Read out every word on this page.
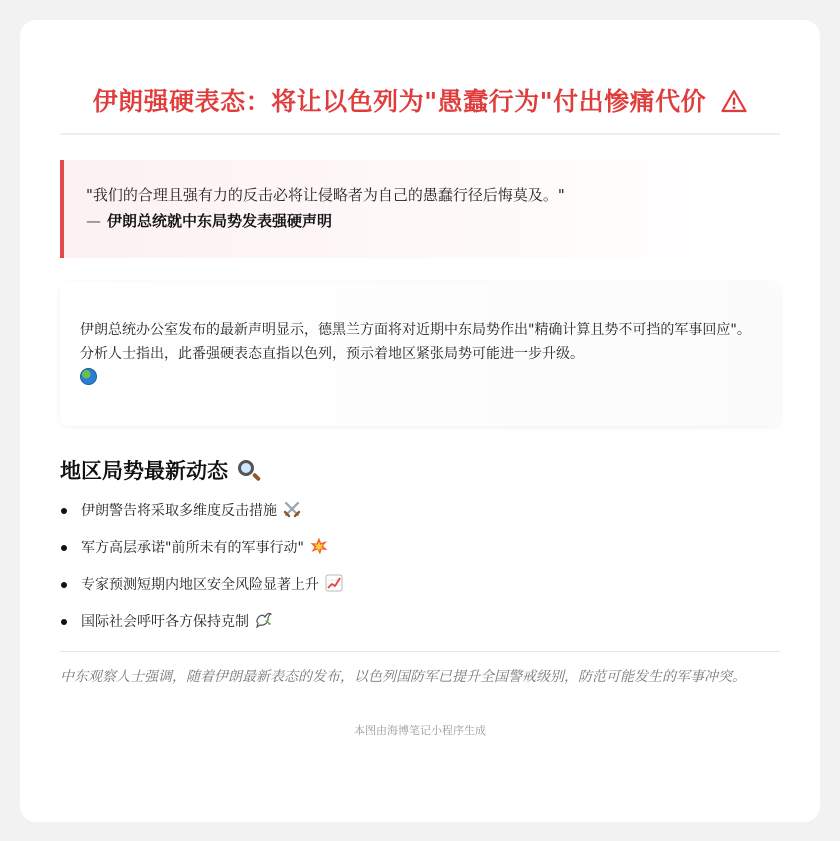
伊朗强硬表态：将让以色列为"愚蠢行为"付出惨痛代价

"我们的合理且强有力的反击必将让侵略者为自己的愚蠢行径后悔莫及。"

— 伊朗总统就中东局势发表强硬声明

伊朗总统办公室发布的最新声明显示，德黑兰方面将对近期中东局势作出"精确计算且势不可挡的军事回应"。分析人士指出，此番强硬表态直指以色列，预示着地区紧张局势可能进一步升级。

地区局势最新动态
伊朗警告将采取多维度反击措施
军方高层承诺"前所未有的军事行动"
专家预测短期内地区安全风险显著上升
国际社会呼吁各方保持克制

中东观察人士强调，随着伊朗最新表态的发布，以色列国防军已提升全国警戒级别，防范可能发生的军事冲突。

本图由海博笔记小程序生成
